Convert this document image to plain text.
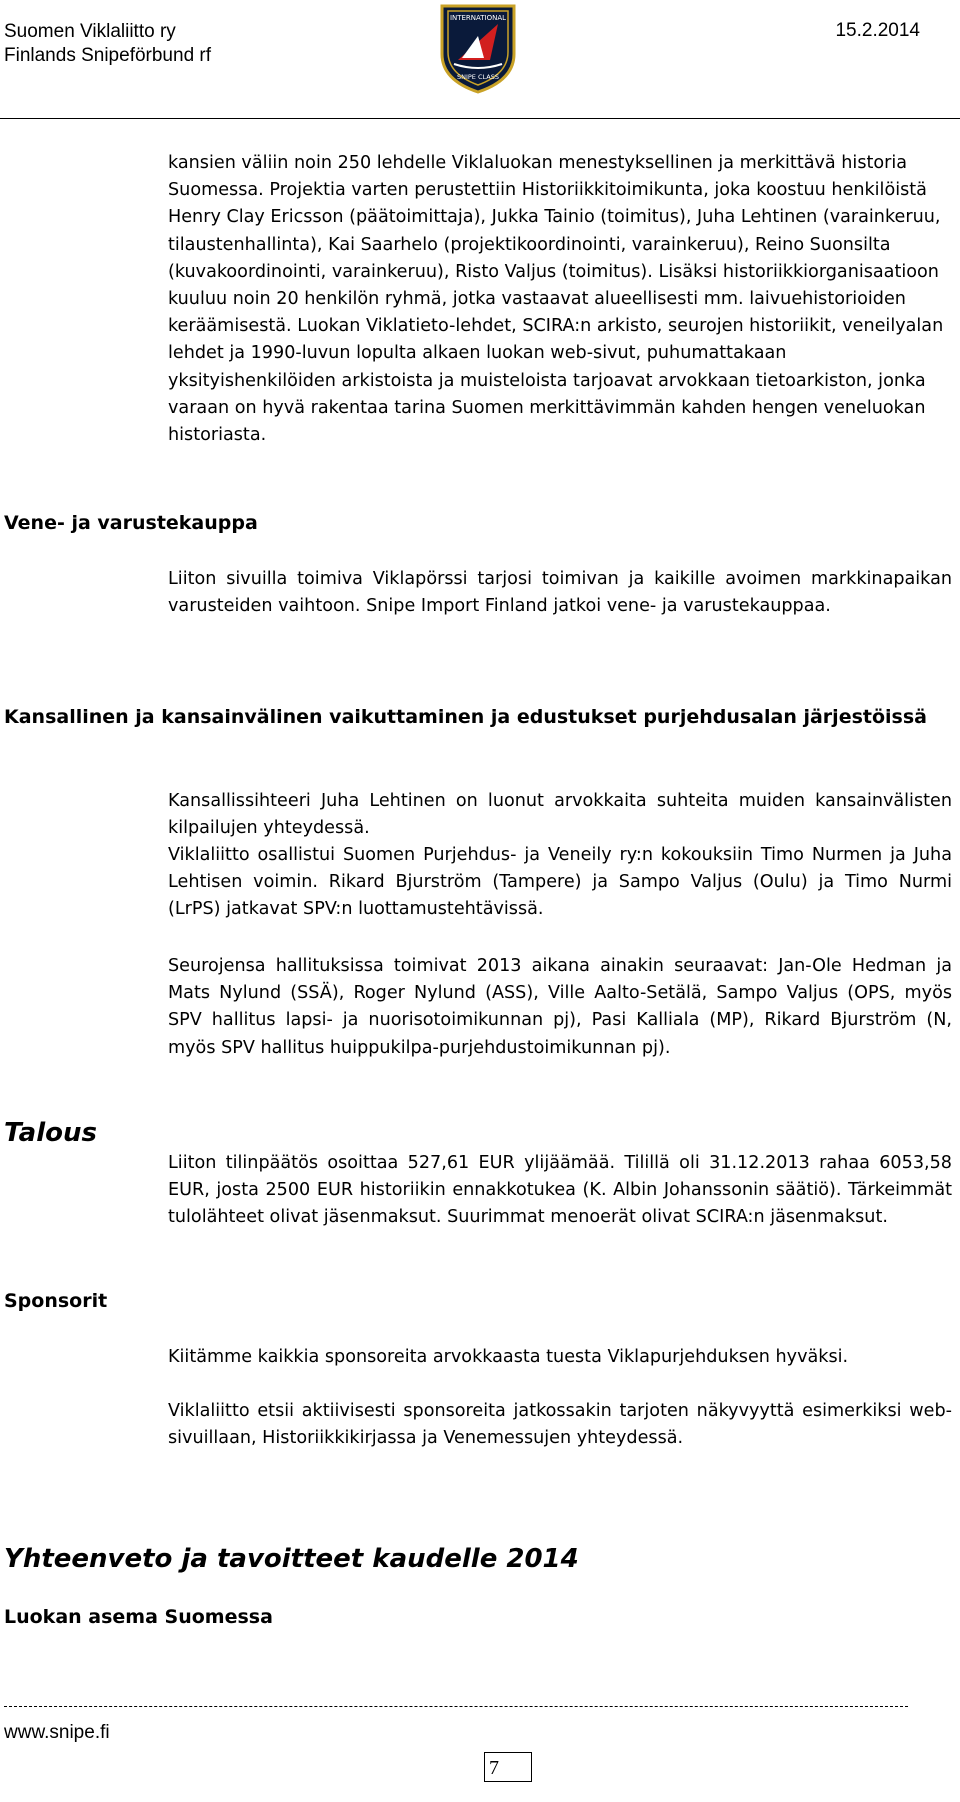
Suomen Viklaliitto ry
Finlands Snipeförbund rf
INTERNATIONAL
SNIPE CLASS
15.2.2014

kansien väliin noin 250 lehdelle Viklaluokan menestyksellinen ja merkittävä historia Suomessa. Projektia varten perustettiin Historiikkitoimikunta, joka koostuu henkilöistä Henry Clay Ericsson (päätoimittaja), Jukka Tainio (toimitus), Juha Lehtinen (varainkeruu, tilaustenhallinta), Kai Saarhelo (projektikoordinointi, varainkeruu), Reino Suonsilta (kuvakoordinointi, varainkeruu), Risto Valjus (toimitus). Lisäksi historiikkiorganisaatioon kuuluu noin 20 henkilön ryhmä, jotka vastaavat alueellisesti mm. laivuehistorioiden keräämisestä. Luokan Viklatieto-lehdet, SCIRA:n arkisto, seurojen historiikit, veneilyalan lehdet ja 1990-luvun lopulta alkaen luokan web-sivut, puhumattakaan yksityishenkilöiden arkistoista ja muisteloista tarjoavat arvokkaan tietoarkiston, jonka varaan on hyvä rakentaa tarina Suomen merkittävimmän kahden hengen veneluokan historiasta.

Vene- ja varustekauppa

Liiton sivuilla toimiva Viklapörssi tarjosi toimivan ja kaikille avoimen markkinapaikan varusteiden vaihtoon. Snipe Import Finland jatkoi vene- ja varustekauppaa.

Kansallinen ja kansainvälinen vaikuttaminen ja edustukset purjehdusalan järjestöissä

Kansallissihteeri Juha Lehtinen on luonut arvokkaita suhteita muiden kansainvälisten kilpailujen yhteydessä.

Viklaliitto osallistui Suomen Purjehdus- ja Veneily ry:n kokouksiin Timo Nurmen ja Juha Lehtisen voimin. Rikard Bjurström (Tampere) ja Sampo Valjus (Oulu) ja Timo Nurmi (LrPS) jatkavat SPV:n luottamustehtävissä.

Seurojensa hallituksissa toimivat 2013 aikana ainakin seuraavat: Jan-Ole Hedman ja Mats Nylund (SSÄ), Roger Nylund (ASS), Ville Aalto-Setälä, Sampo Valjus (OPS, myös SPV hallitus lapsi- ja nuorisotoimikunnan pj), Pasi Kalliala (MP), Rikard Bjurström (N, myös SPV hallitus huippukilpa-purjehdustoimikunnan pj).

Talous

Liiton tilinpäätös osoittaa 527,61 EUR ylijäämää. Tilillä oli 31.12.2013 rahaa 6053,58 EUR, josta 2500 EUR historiikin ennakkotukea (K. Albin Johanssonin säätiö). Tärkeimmät tulolähteet olivat jäsenmaksut. Suurimmat menoerät olivat SCIRA:n jäsenmaksut.

Sponsorit

Kiitämme kaikkia sponsoreita arvokkaasta tuesta Viklapurjehduksen hyväksi.

Viklaliitto etsii aktiivisesti sponsoreita jatkossakin tarjoten näkyvyyttä esimerkiksi web-sivuillaan, Historiikkikirjassa ja Venemessujen yhteydessä.

Yhteenveto ja tavoitteet kaudelle 2014
Luokan asema Suomessa
www.snipe.fi
7
